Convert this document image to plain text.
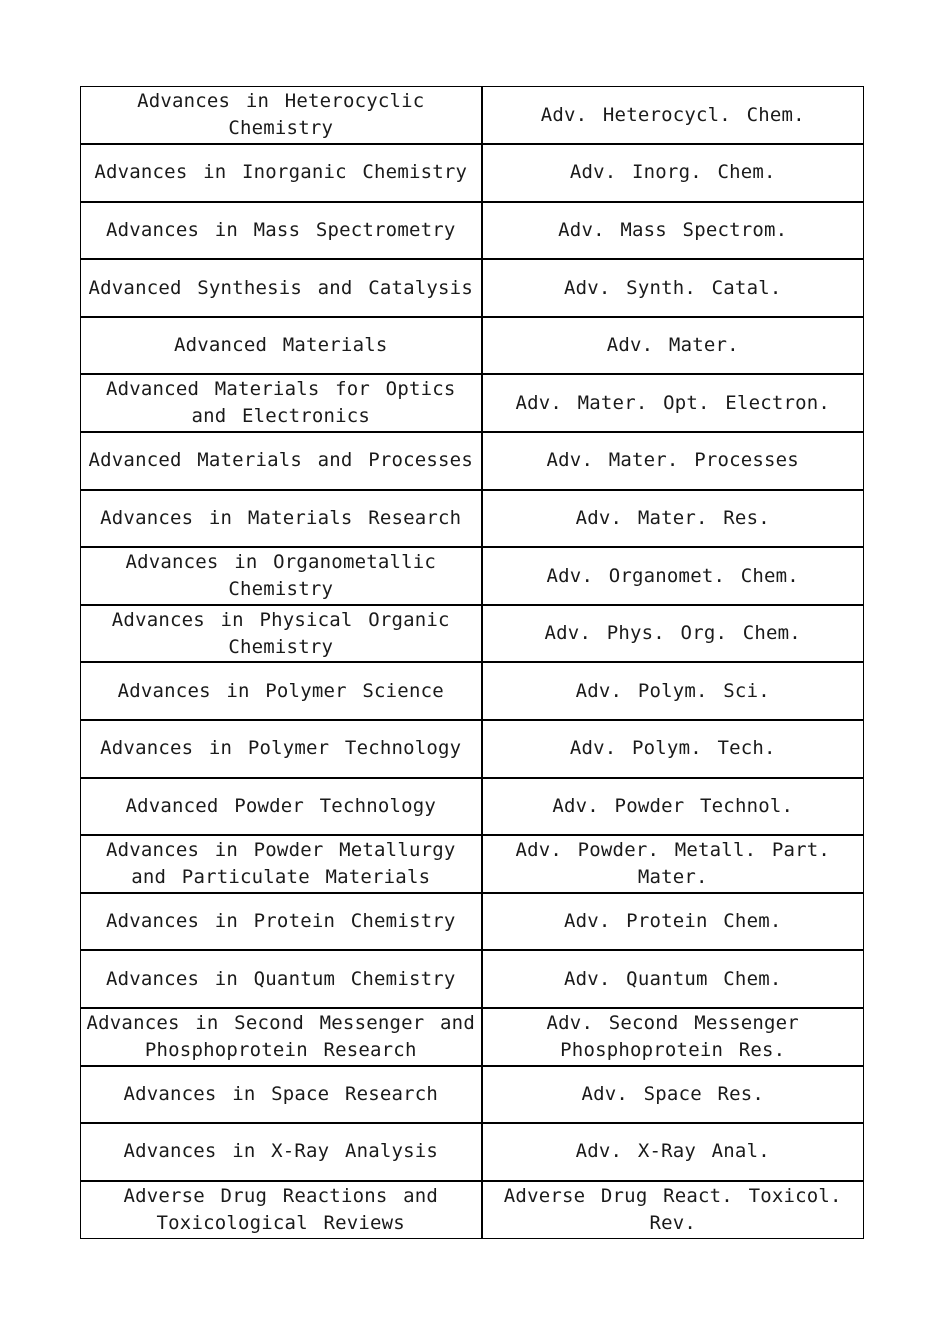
Advances in Heterocyclic Chemistry	Adv. Heterocycl. Chem.
Advances in Inorganic Chemistry	Adv. Inorg. Chem.
Advances in Mass Spectrometry	Adv. Mass Spectrom.
Advanced Synthesis and Catalysis	Adv. Synth. Catal.
Advanced Materials	Adv. Mater.
Advanced Materials for Optics and Electronics	Adv. Mater. Opt. Electron.
Advanced Materials and Processes	Adv. Mater. Processes
Advances in Materials Research	Adv. Mater. Res.
Advances in Organometallic Chemistry	Adv. Organomet. Chem.
Advances in Physical Organic Chemistry	Adv. Phys. Org. Chem.
Advances in Polymer Science	Adv. Polym. Sci.
Advances in Polymer Technology	Adv. Polym. Tech.
Advanced Powder Technology	Adv. Powder Technol.
Advances in Powder Metallurgy and Particulate Materials	Adv. Powder. Metall. Part. Mater.
Advances in Protein Chemistry	Adv. Protein Chem.
Advances in Quantum Chemistry	Adv. Quantum Chem.
Advances in Second Messenger and Phosphoprotein Research	Adv. Second Messenger Phosphoprotein Res.
Advances in Space Research	Adv. Space Res.
Advances in X-Ray Analysis	Adv. X-Ray Anal.
Adverse Drug Reactions and Toxicological Reviews	Adverse Drug React. Toxicol. Rev.
